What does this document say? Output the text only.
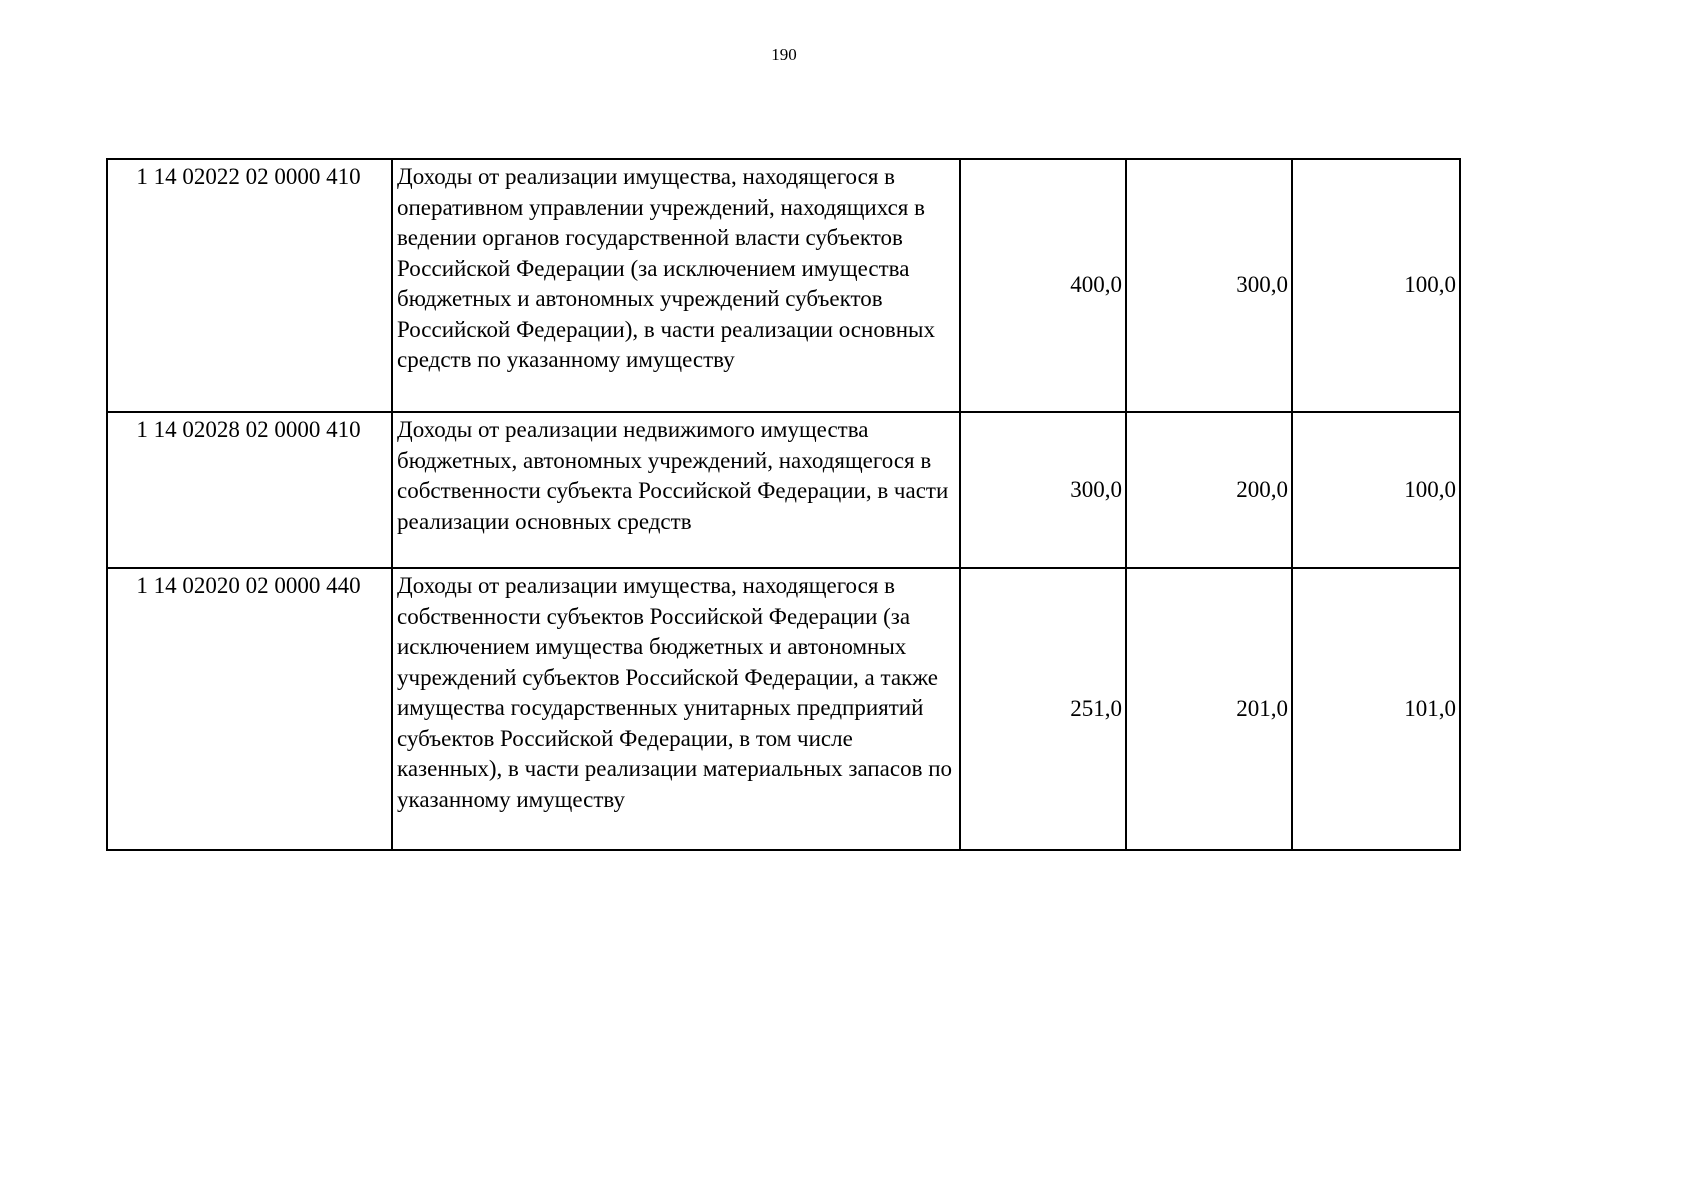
190
1 14 02022 02 0000 410	Доходы от реализации имущества, находящегося в оперативном управлении учреждений, находящихся в ведении органов государственной власти субъектов Российской Федерации (за исключением имущества бюджетных и автономных учреждений субъектов Российской Федерации), в части реализации основных средств по указанному имуществу	400,0	300,0	100,0
1 14 02028 02 0000 410	Доходы от реализации недвижимого имущества бюджетных, автономных учреждений, находящегося в собственности субъекта Российской Федерации, в части реализации основных средств	300,0	200,0	100,0
1 14 02020 02 0000 440	Доходы от реализации имущества, находящегося в собственности субъектов Российской Федерации (за исключением имущества бюджетных и автономных учреждений субъектов Российской Федерации, а также имущества государственных унитарных предприятий субъектов Российской Федерации, в том числе казенных), в части реализации материальных запасов по указанному имуществу	251,0	201,0	101,0
